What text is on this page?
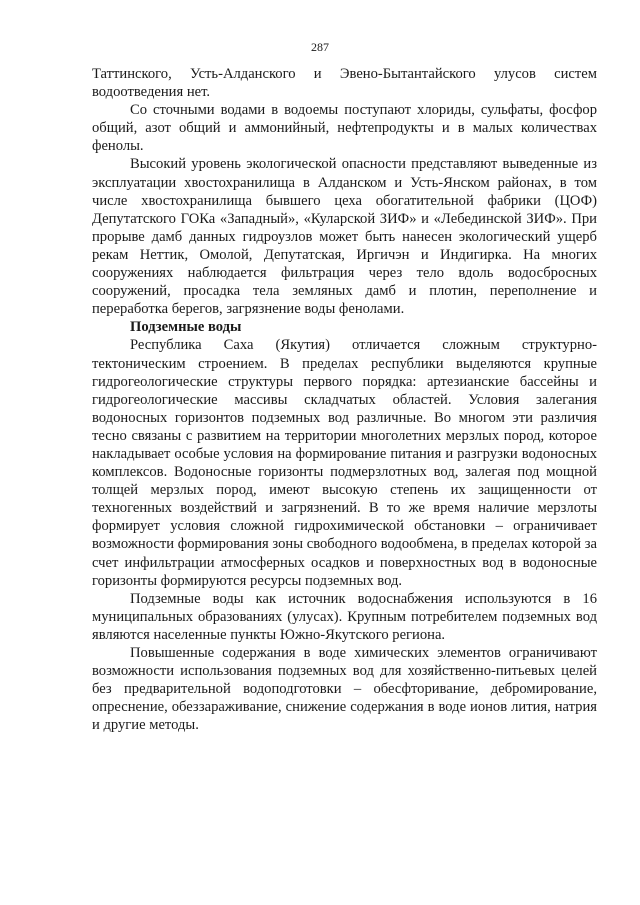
287

Таттинского, Усть-Алданского и Эвено-Бытантайского улусов систем водоотведения нет.

Со сточными водами в водоемы поступают хлориды, сульфаты, фосфор общий, азот общий и аммонийный, нефтепродукты и в малых количествах фенолы.

Высокий уровень экологической опасности представляют выведенные из эксплуатации хвостохранилища в Алданском и Усть-Янском районах, в том числе хвостохранилища бывшего цеха обогатительной фабрики (ЦОФ) Депутатского ГОКа «Западный», «Куларской ЗИФ» и «Лебединской ЗИФ». При прорыве дамб данных гидроузлов может быть нанесен экологический ущерб рекам Неттик, Омолой, Депутатская, Иргичэн и Индигирка. На многих сооружениях наблюдается фильтрация через тело вдоль водосбросных сооружений, просадка тела земляных дамб и плотин, переполнение и переработка берегов, загрязнение воды фенолами.

Подземные воды

Республика Саха (Якутия) отличается сложным структурно-тектоническим строением. В пределах республики выделяются крупные гидрогеологические структуры первого порядка: артезианские бассейны и гидрогеологические массивы складчатых областей. Условия залегания водоносных горизонтов подземных вод различные. Во многом эти различия тесно связаны с развитием на территории многолетних мерзлых пород, которое накладывает особые условия на формирование питания и разгрузки водоносных комплексов. Водоносные горизонты подмерзлотных вод, залегая под мощной толщей мерзлых пород, имеют высокую степень их защищенности от техногенных воздействий и загрязнений. В то же время наличие мерзлоты формирует условия сложной гидрохимической обстановки – ограничивает возможности формирования зоны свободного водообмена, в пределах которой за счет инфильтрации атмосферных осадков и поверхностных вод в водоносные горизонты формируются ресурсы подземных вод.

Подземные воды как источник водоснабжения используются в 16 муниципальных образованиях (улусах). Крупным потребителем подземных вод являются населенные пункты Южно-Якутского региона.

Повышенные содержания в воде химических элементов ограничивают возможности использования подземных вод для хозяйственно-питьевых целей без предварительной водоподготовки – обесфторивание, дебромирование, опреснение, обеззараживание, снижение содержания в воде ионов лития, натрия и другие методы.
